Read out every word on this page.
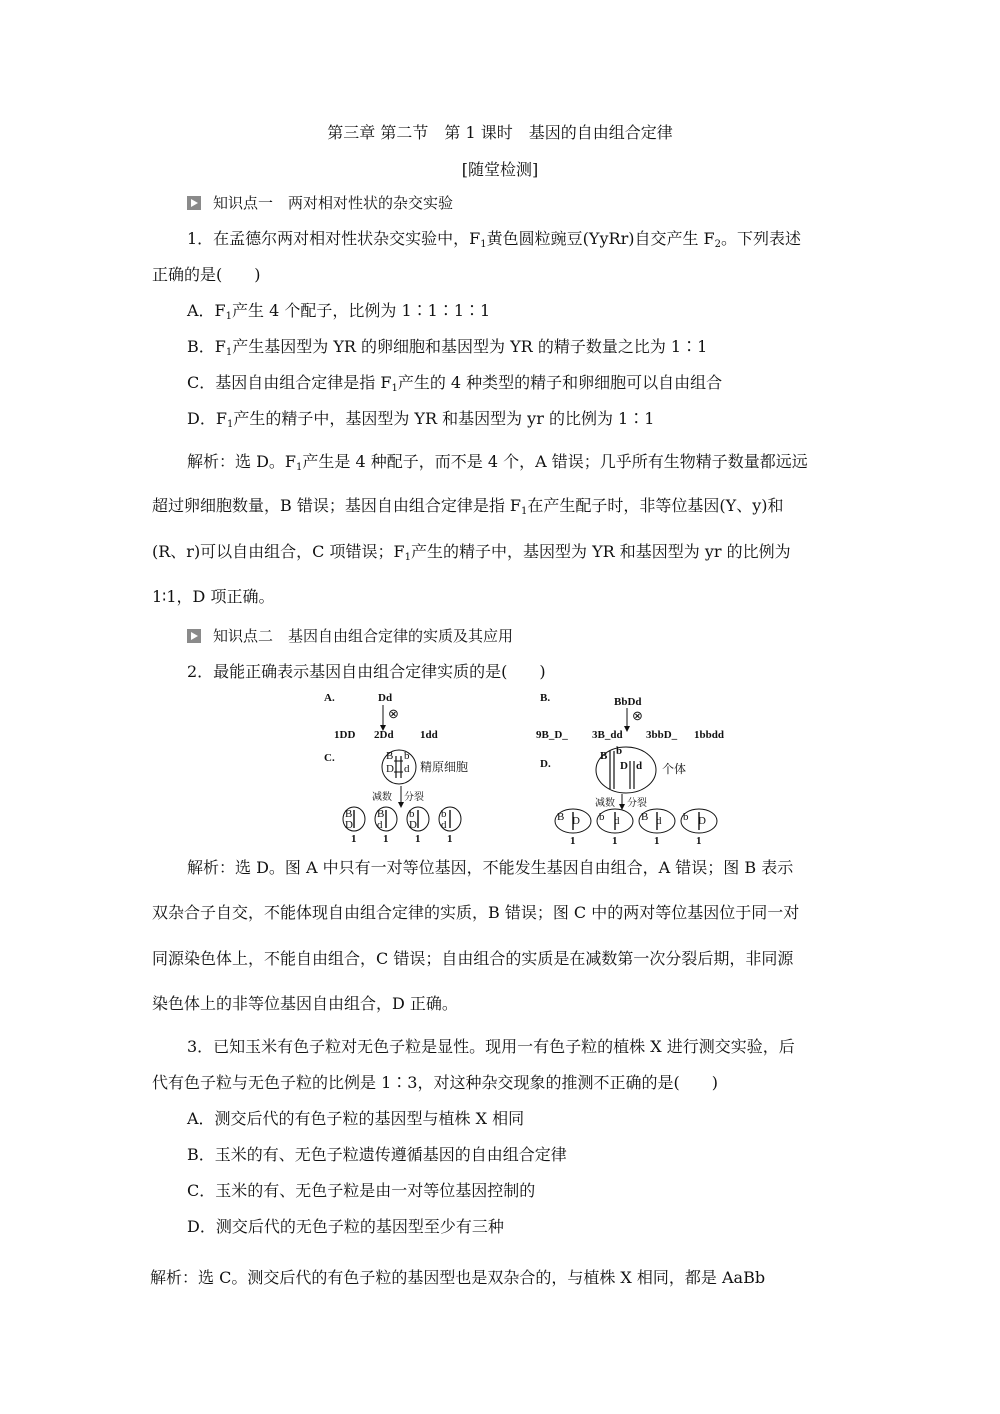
第三章 第二节　第 1 课时　基因的自由组合定律
[随堂检测]
知识点一　两对相对性状的杂交实验
1．在孟德尔两对相对性状杂交实验中，$F_1$黄色圆粒豌豆(YyRr)自交产生 $F_2$。下列表述
正确的是(　　)
A．$F_1$产生 4 个配子，比例为 1∶1∶1∶1
B．$F_1$产生基因型为 YR 的卵细胞和基因型为 YR 的精子数量之比为 1∶1
C．基因自由组合定律是指 $F_1$产生的 4 种类型的精子和卵细胞可以自由组合
D．$F_1$产生的精子中，基因型为 YR 和基因型为 yr 的比例为 1∶1
解析：选 D。$F_1$产生是 4 种配子，而不是 4 个，A 错误；几乎所有生物精子数量都远远
超过卵细胞数量，B 错误；基因自由组合定律是指 $F_1$在产生配子时，非等位基因(Y、y)和
(R、r)可以自由组合，C 项错误；$F_1$产生的精子中，基因型为 YR 和基因型为 yr 的比例为
1∶1，D 项正确。
知识点二　基因自由组合定律的实质及其应用
2．最能正确表示基因自由组合定律实质的是(　　)
A.	Dd
⊗
1DD 2Dd 1dd
B.	BbDd
⊗
9B_D_ 3B_dd 3bbD_ 1bbdd
C.	B
D
b
d 精原细胞
减数 分裂
B
D
1
B
d
1
b
D
1
b
d
1
D.
B b
D d 个体
减数 分裂
B D
1
b d
1
B d
1
b D
1
解析：选 D。图 A 中只有一对等位基因，不能发生基因自由组合，A 错误；图 B 表示
双杂合子自交，不能体现自由组合定律的实质，B 错误；图 C 中的两对等位基因位于同一对
同源染色体上，不能自由组合，C 错误；自由组合的实质是在减数第一次分裂后期，非同源
染色体上的非等位基因自由组合，D 正确。
3．已知玉米有色子粒对无色子粒是显性。现用一有色子粒的植株 X 进行测交实验，后
代有色子粒与无色子粒的比例是 1∶3，对这种杂交现象的推测不正确的是(　　)
A．测交后代的有色子粒的基因型与植株 X 相同
B．玉米的有、无色子粒遗传遵循基因的自由组合定律
C．玉米的有、无色子粒是由一对等位基因控制的
D．测交后代的无色子粒的基因型至少有三种
解析：选 C。测交后代的有色子粒的基因型也是双杂合的，与植株 X 相同，都是 AaBb
